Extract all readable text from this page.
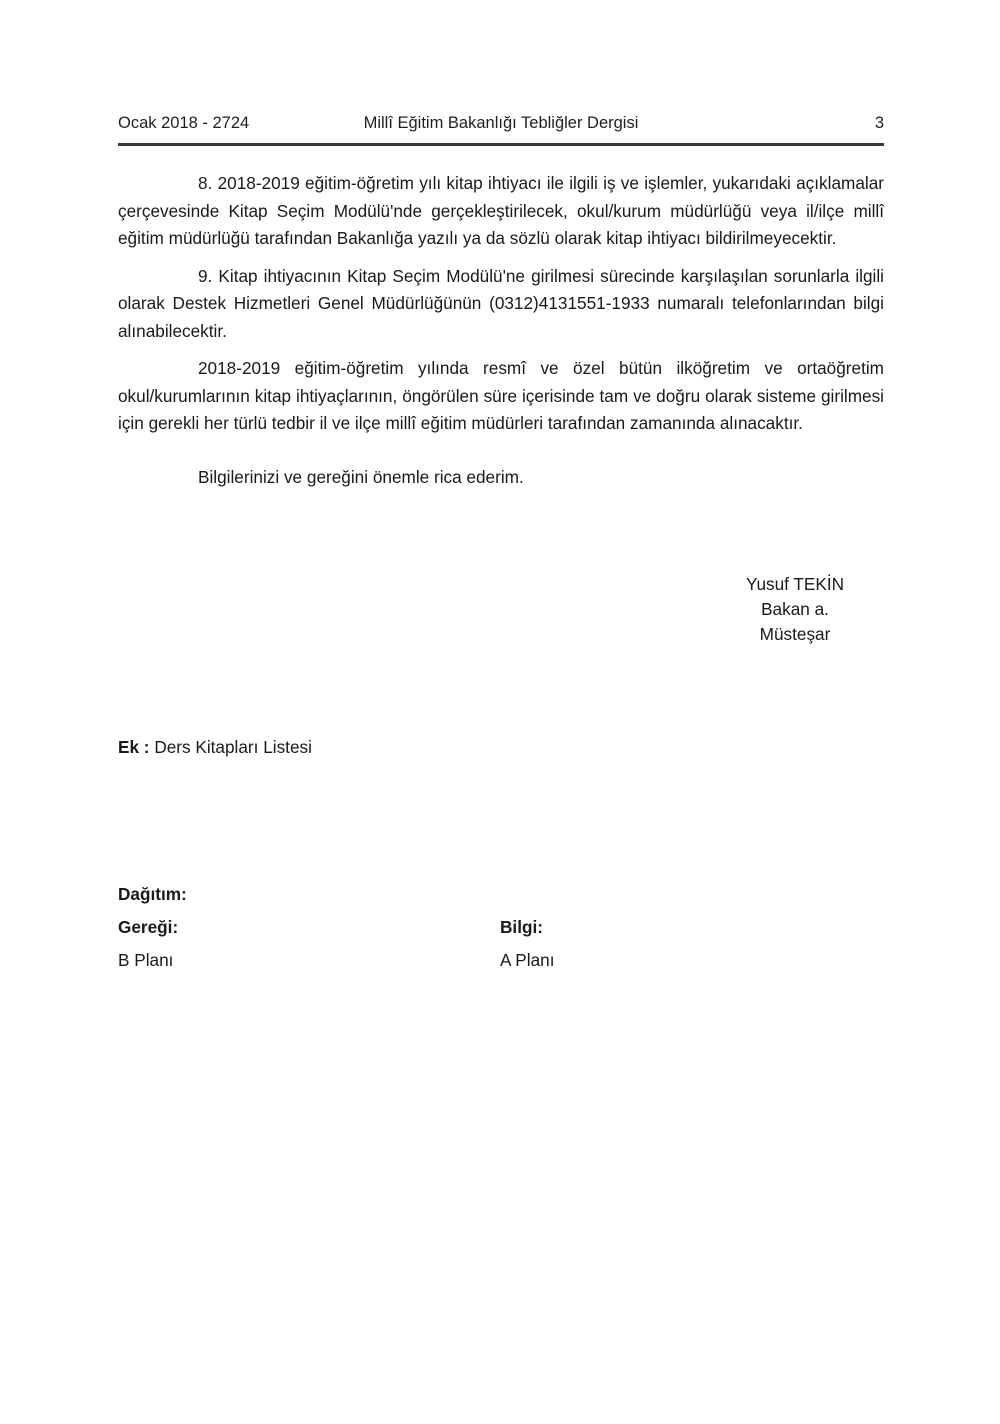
Ocak 2018 - 2724	Millî Eğitim Bakanlığı Tebliğler Dergisi	3

8. 2018-2019 eğitim-öğretim yılı kitap ihtiyacı ile ilgili iş ve işlemler, yukarıdaki açıklamalar çerçevesinde Kitap Seçim Modülü'nde gerçekleştirilecek, okul/kurum müdürlüğü veya il/ilçe millî eğitim müdürlüğü tarafından Bakanlığa yazılı ya da sözlü olarak kitap ihtiyacı bildirilmeyecektir.

9. Kitap ihtiyacının Kitap Seçim Modülü'ne girilmesi sürecinde karşılaşılan sorunlarla ilgili olarak Destek Hizmetleri Genel Müdürlüğünün (0312)4131551-1933 numaralı telefonlarından bilgi alınabilecektir.

2018-2019 eğitim-öğretim yılında resmî ve özel bütün ilköğretim ve ortaöğretim okul/kurumlarının kitap ihtiyaçlarının, öngörülen süre içerisinde tam ve doğru olarak sisteme girilmesi için gerekli her türlü tedbir il ve ilçe millî eğitim müdürleri tarafından zamanında alınacaktır.

Bilgilerinizi ve gereğini önemle rica ederim.

Yusuf TEKİN
Bakan a.
Müsteşar
Ek : Ders Kitapları Listesi
Dağıtım:
Gereği:	Bilgi:
B Planı	A Planı
